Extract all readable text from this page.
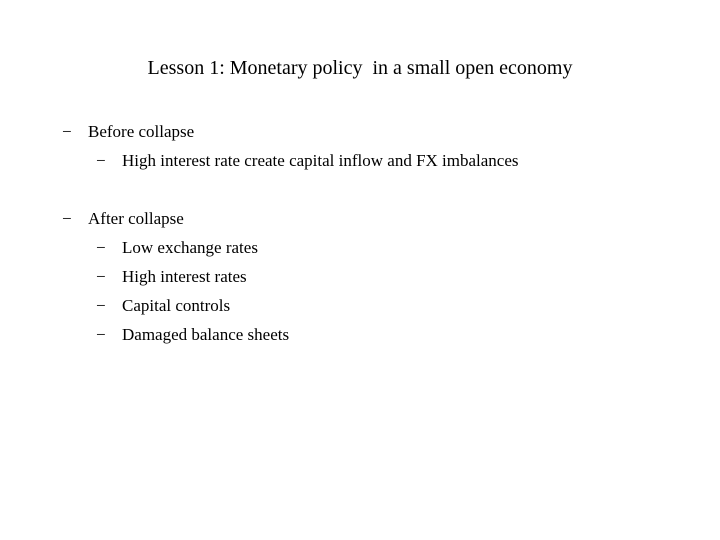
Lesson 1: Monetary policy  in a small open economy
− Before collapse
− High interest rate create capital inflow and FX imbalances
− After collapse
− Low exchange rates
− High interest rates
− Capital controls
− Damaged balance sheets
